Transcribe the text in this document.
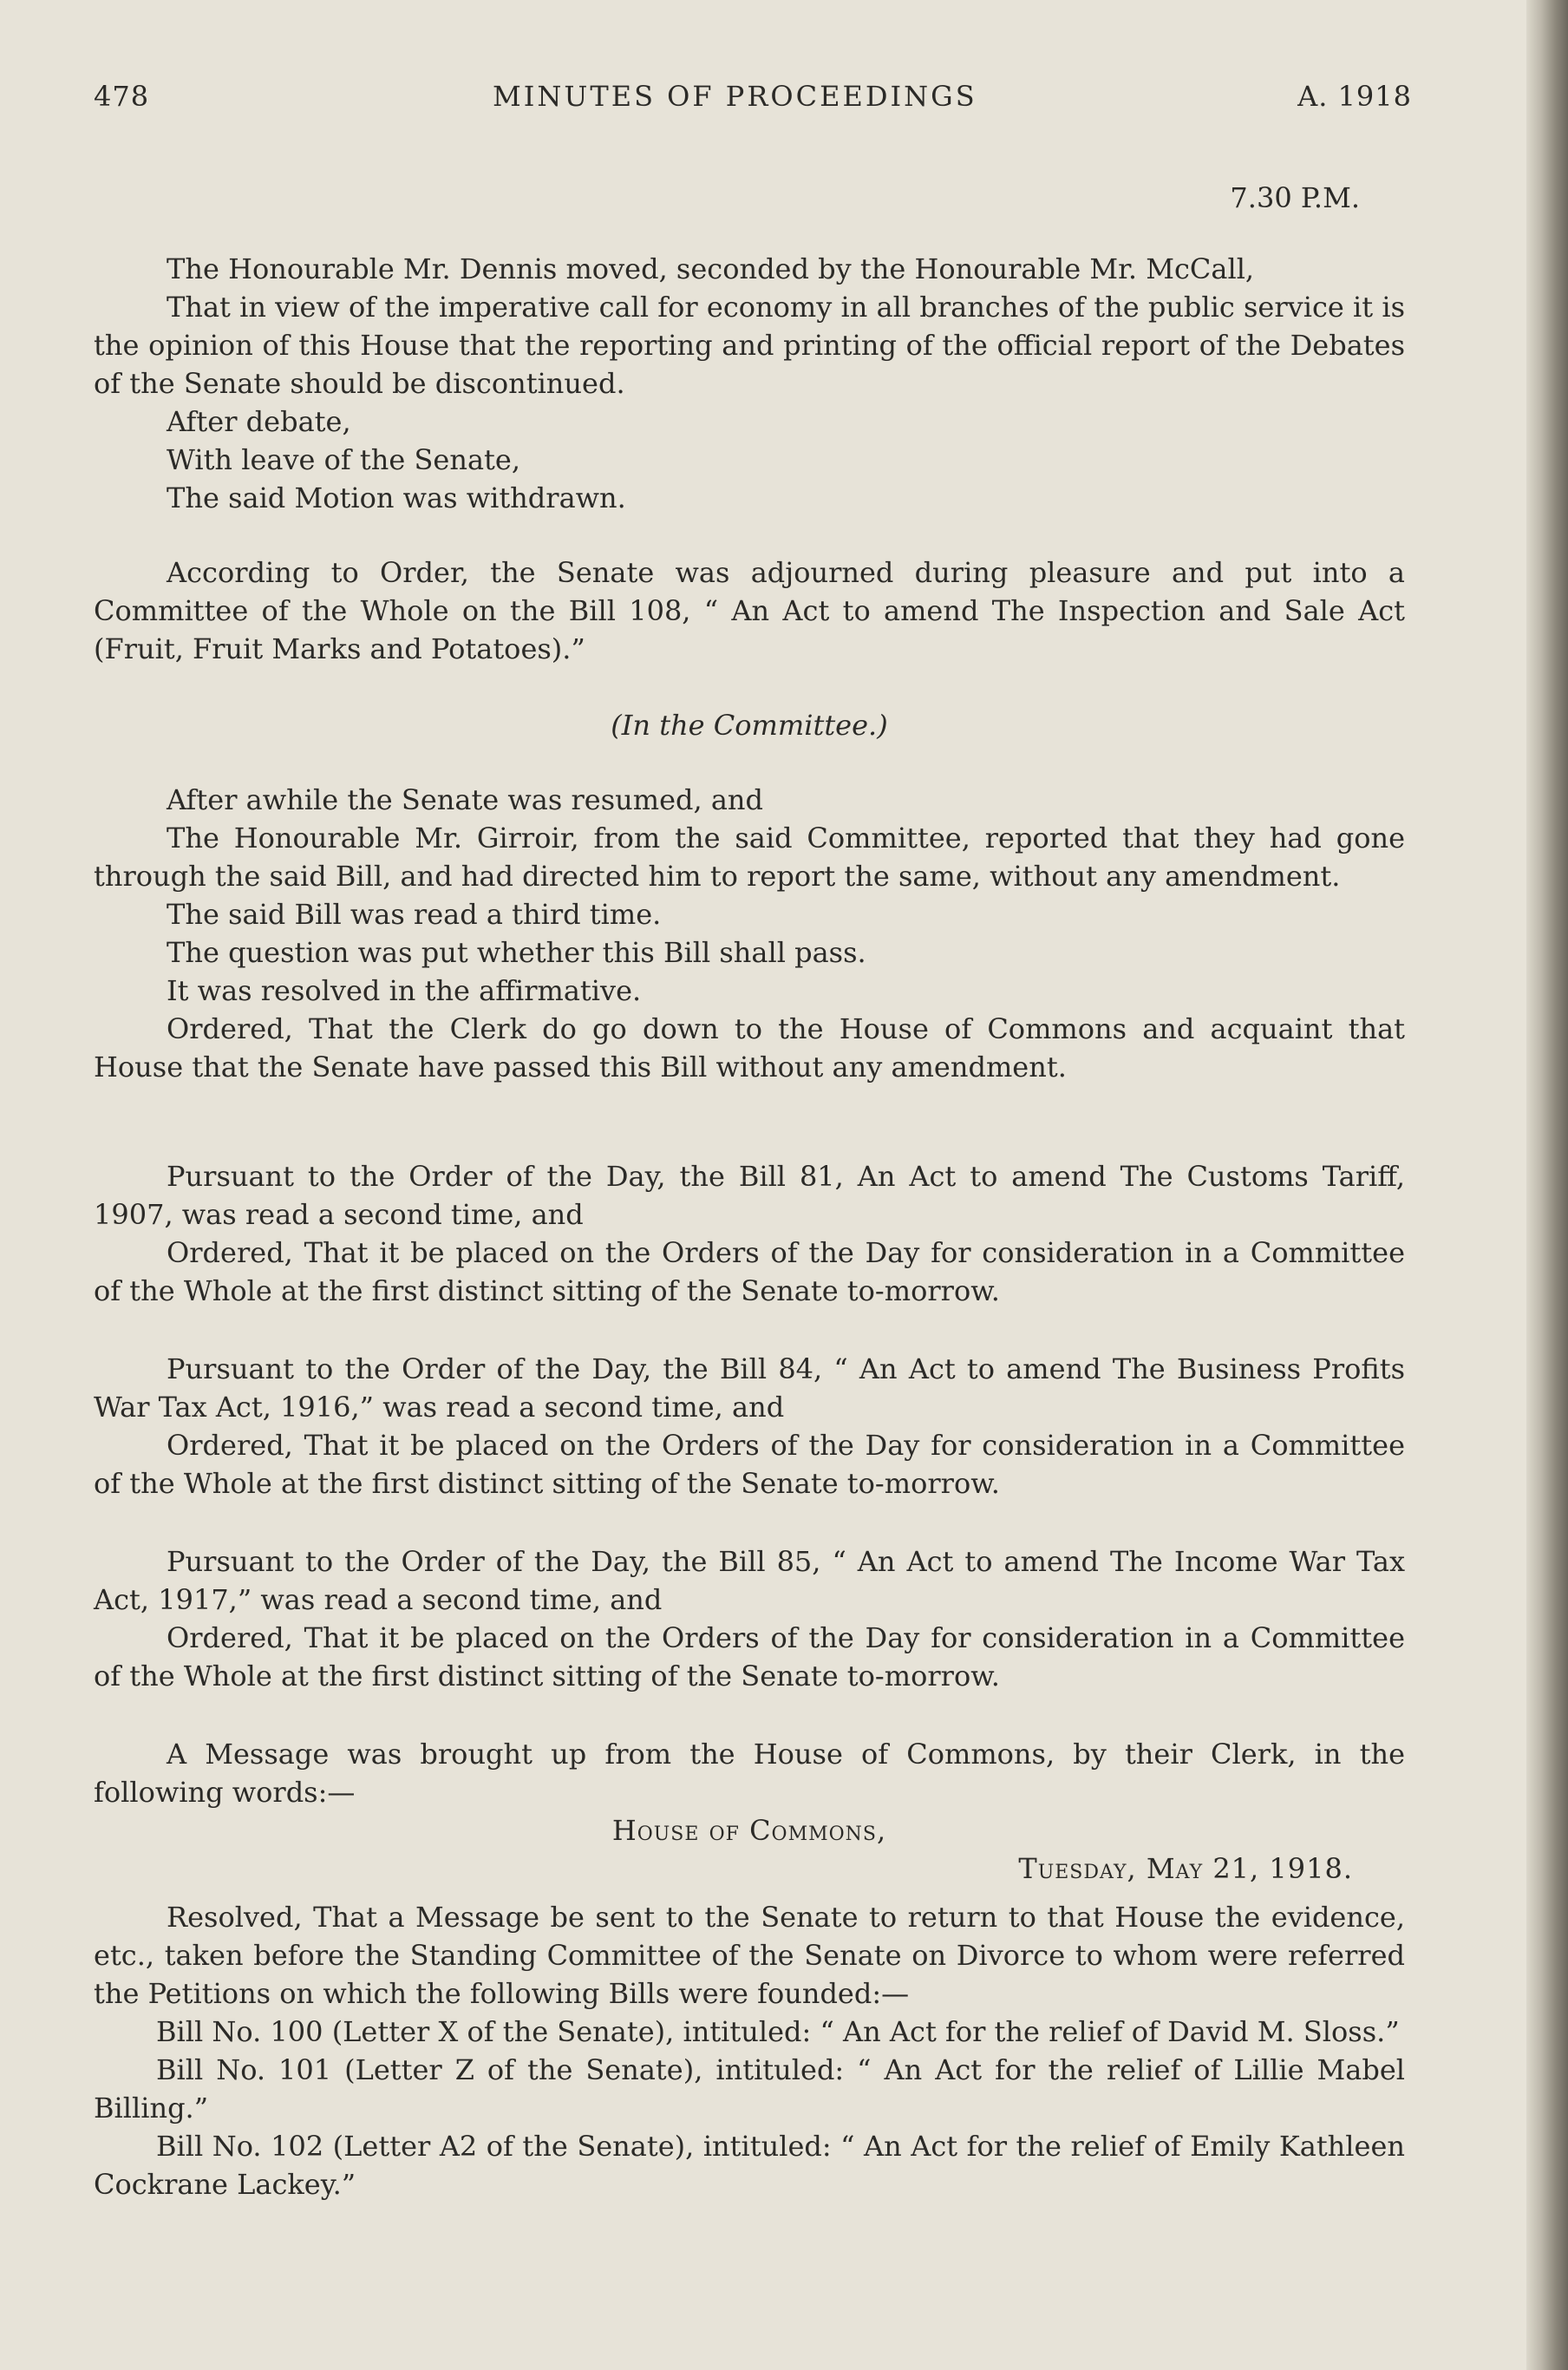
478	MINUTES OF PROCEEDINGS	A. 1918
7.30 P.M.

The Honourable Mr. Dennis moved, seconded by the Honourable Mr. McCall,

That in view of the imperative call for economy in all branches of the public service it is the opinion of this House that the reporting and printing of the official report of the Debates of the Senate should be discontinued.

After debate,

With leave of the Senate,

The said Motion was withdrawn.

According to Order, the Senate was adjourned during pleasure and put into a Committee of the Whole on the Bill 108, “ An Act to amend The Inspection and Sale Act (Fruit, Fruit Marks and Potatoes).”

(In the Committee.)

After awhile the Senate was resumed, and

The Honourable Mr. Girroir, from the said Committee, reported that they had gone through the said Bill, and had directed him to report the same, without any amendment.

The said Bill was read a third time.

The question was put whether this Bill shall pass.

It was resolved in the affirmative.

Ordered, That the Clerk do go down to the House of Commons and acquaint that House that the Senate have passed this Bill without any amendment.

Pursuant to the Order of the Day, the Bill 81, An Act to amend The Customs Tariff, 1907, was read a second time, and

Ordered, That it be placed on the Orders of the Day for consideration in a Committee of the Whole at the first distinct sitting of the Senate to-morrow.

Pursuant to the Order of the Day, the Bill 84, “ An Act to amend The Business Profits War Tax Act, 1916,” was read a second time, and

Ordered, That it be placed on the Orders of the Day for consideration in a Committee of the Whole at the first distinct sitting of the Senate to-morrow.

Pursuant to the Order of the Day, the Bill 85, “ An Act to amend The Income War Tax Act, 1917,” was read a second time, and

Ordered, That it be placed on the Orders of the Day for consideration in a Committee of the Whole at the first distinct sitting of the Senate to-morrow.

A Message was brought up from the House of Commons, by their Clerk, in the following words:—

House of Commons,

Tuesday, May 21, 1918.

Resolved, That a Message be sent to the Senate to return to that House the evidence, etc., taken before the Standing Committee of the Senate on Divorce to whom were referred the Petitions on which the following Bills were founded:—

Bill No. 100 (Letter X of the Senate), intituled: “ An Act for the relief of David M. Sloss.”

Bill No. 101 (Letter Z of the Senate), intituled: “ An Act for the relief of Lillie Mabel Billing.”

Bill No. 102 (Letter A2 of the Senate), intituled: “ An Act for the relief of Emily Kathleen Cockrane Lackey.”
